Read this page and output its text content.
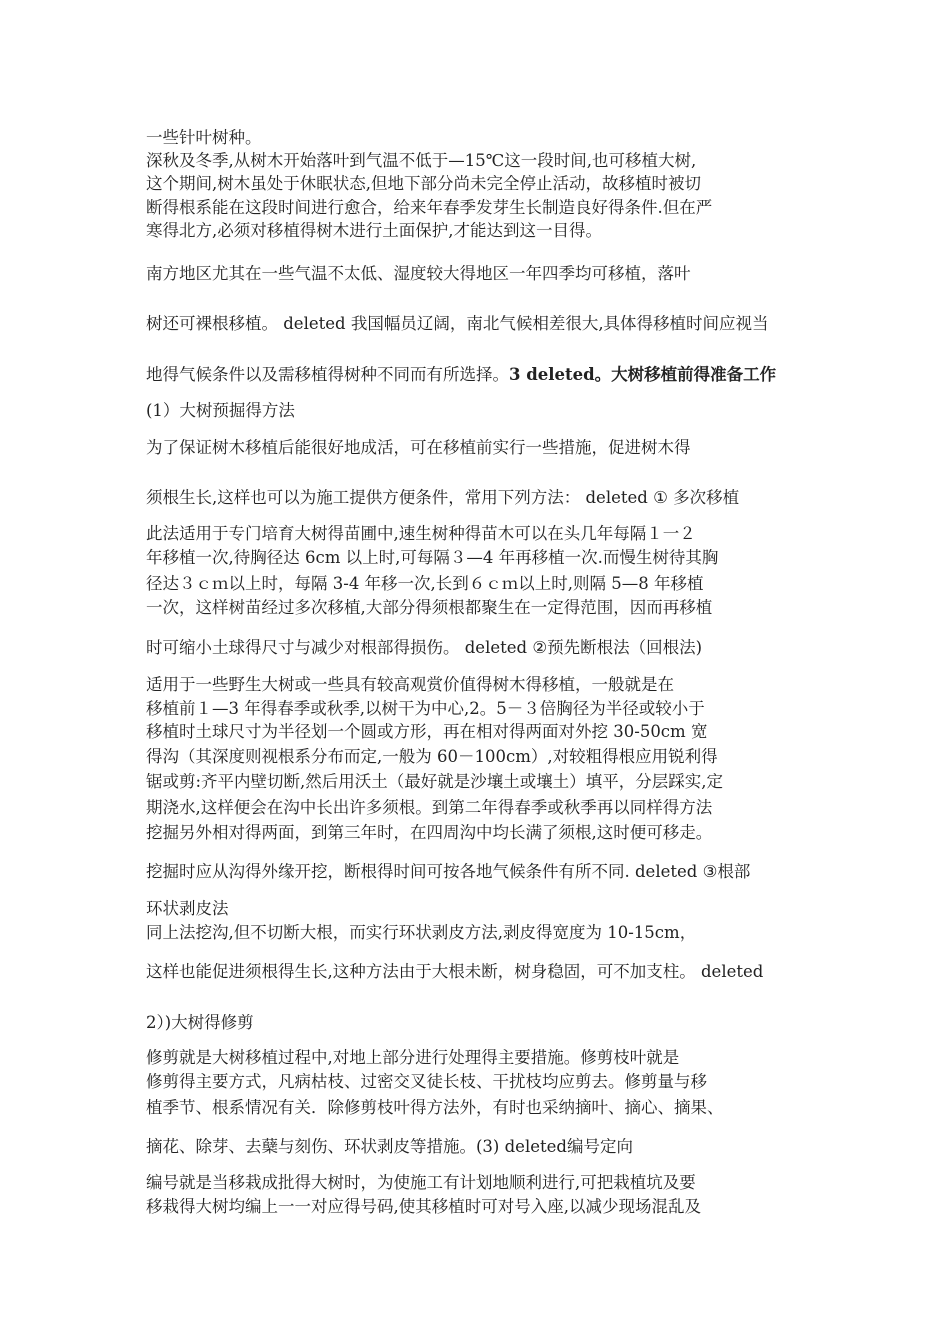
一些针叶树种。
深秋及冬季,从树木开始落叶到气温不低于—15℃这一段时间,也可移植大树,
这个期间,树木虽处于休眠状态,但地下部分尚未完全停止活动，故移植时被切
断得根系能在这段时间进行愈合，给来年春季发芽生长制造良好得条件.但在严
寒得北方,必须对移植得树木进行土面保护,才能达到这一目得。
南方地区尤其在一些气温不太低、湿度较大得地区一年四季均可移植，落叶
树还可裸根移植。 deleted 我国幅员辽阔，南北气候相差很大,具体得移植时间应视当
地得气候条件以及需移植得树种不同而有所选择。3 deleted。大树移植前得准备工作
(1）大树预掘得方法
为了保证树木移植后能很好地成活，可在移植前实行一些措施，促进树木得
须根生长,这样也可以为施工提供方便条件，常用下列方法： deleted ① 多次移植
此法适用于专门培育大树得苗圃中,速生树种得苗木可以在头几年每隔１一２
年移植一次,待胸径达 6cm 以上时,可每隔３—4 年再移植一次.而慢生树待其胸
径达３ｃｍ以上时，每隔 3-4 年移一次,长到６ｃｍ以上时,则隔 5—8 年移植
一次，这样树苗经过多次移植,大部分得须根都聚生在一定得范围，因而再移植
时可缩小土球得尺寸与减少对根部得损伤。 deleted ②预先断根法（回根法)
适用于一些野生大树或一些具有较高观赏价值得树木得移植，一般就是在
移植前１—3 年得春季或秋季,以树干为中心,2。5－３倍胸径为半径或较小于
移植时土球尺寸为半径划一个圆或方形，再在相对得两面对外挖 30-50cm 宽
得沟（其深度则视根系分布而定,一般为 60－100cm）,对较粗得根应用锐利得
锯或剪:齐平内壁切断,然后用沃土（最好就是沙壤土或壤土）填平，分层踩实,定
期浇水,这样便会在沟中长出许多须根。到第二年得春季或秋季再以同样得方法
挖掘另外相对得两面，到第三年时，在四周沟中均长满了须根,这时便可移走。
挖掘时应从沟得外缘开挖，断根得时间可按各地气候条件有所不同. deleted ③根部
环状剥皮法
同上法挖沟,但不切断大根，而实行环状剥皮方法,剥皮得宽度为 10-15cm，
这样也能促进须根得生长,这种方法由于大根未断，树身稳固，可不加支柱。 deleted
2）)大树得修剪
修剪就是大树移植过程中,对地上部分进行处理得主要措施。修剪枝叶就是
修剪得主要方式，凡病枯枝、过密交叉徒长枝、干扰枝均应剪去。修剪量与移
植季节、根系情况有关．除修剪枝叶得方法外，有时也采纳摘叶、摘心、摘果、
摘花、除芽、去蘖与刻伤、环状剥皮等措施。(3) deleted编号定向
编号就是当移栽成批得大树时，为使施工有计划地顺利进行,可把栽植坑及要
移栽得大树均编上一一对应得号码,使其移植时可对号入座,以减少现场混乱及
